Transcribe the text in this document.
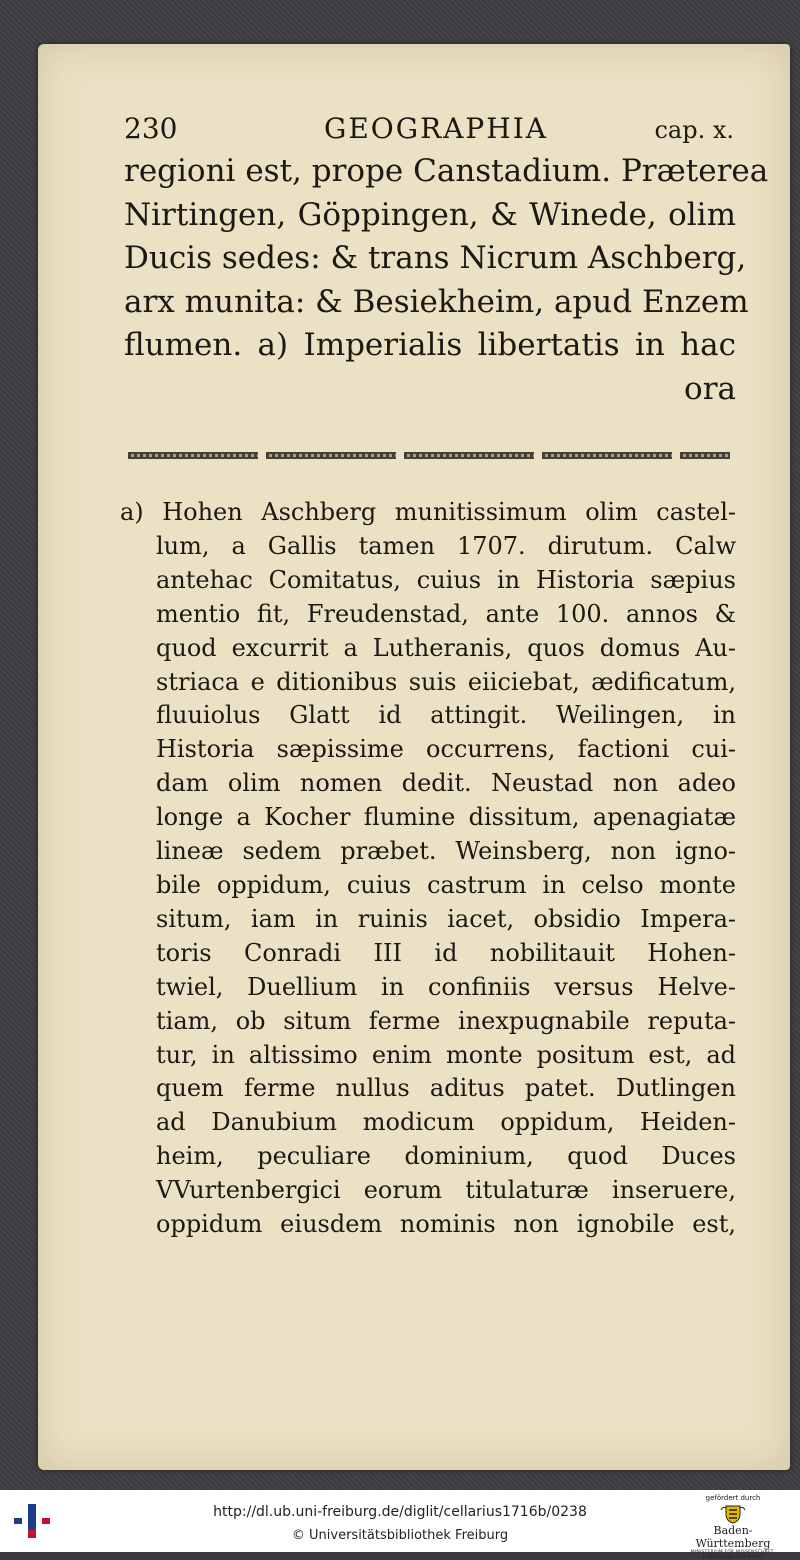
230	GEOGRAPHIA	cap. x.
regioni est, prope Canstadium. Præterea
Nirtingen, Göppingen, & Winede, olim
Ducis sedes: & trans Nicrum Aschberg,
arx munita: & Besiekheim, apud Enzem
flumen. a) Imperialis libertatis in hac
ora
a) Hohen Aschberg munitissimum olim castel-
lum, a Gallis tamen 1707. dirutum. Calw
antehac Comitatus, cuius in Historia sæpius
mentio fit, Freudenstad, ante 100. annos &
quod excurrit a Lutheranis, quos domus Au-
striaca e ditionibus suis eiiciebat, ædificatum,
fluuiolus Glatt id attingit. Weilingen, in
Historia sæpissime occurrens, factioni cui-
dam olim nomen dedit. Neustad non adeo
longe a Kocher flumine dissitum, apenagiatæ
lineæ sedem præbet. Weinsberg, non igno-
bile oppidum, cuius castrum in celso monte
situm, iam in ruinis iacet, obsidio Impera-
toris Conradi III id nobilitauit Hohen-
twiel, Duellium in confiniis versus Helve-
tiam, ob situm ferme inexpugnabile reputa-
tur, in altissimo enim monte positum est, ad
quem ferme nullus aditus patet. Dutlingen
ad Danubium modicum oppidum, Heiden-
heim, peculiare dominium, quod Duces
VVurtenbergici eorum titulaturæ inseruere,
oppidum eiusdem nominis non ignobile est,
http://dl.ub.uni-freiburg.de/diglit/cellarius1716b/0238
© Universitätsbibliothek Freiburg
gefördert durch
Baden-Württemberg
MINISTERIUM FÜR WISSENSCHAFT, FORSCHUNG UND KUNST
